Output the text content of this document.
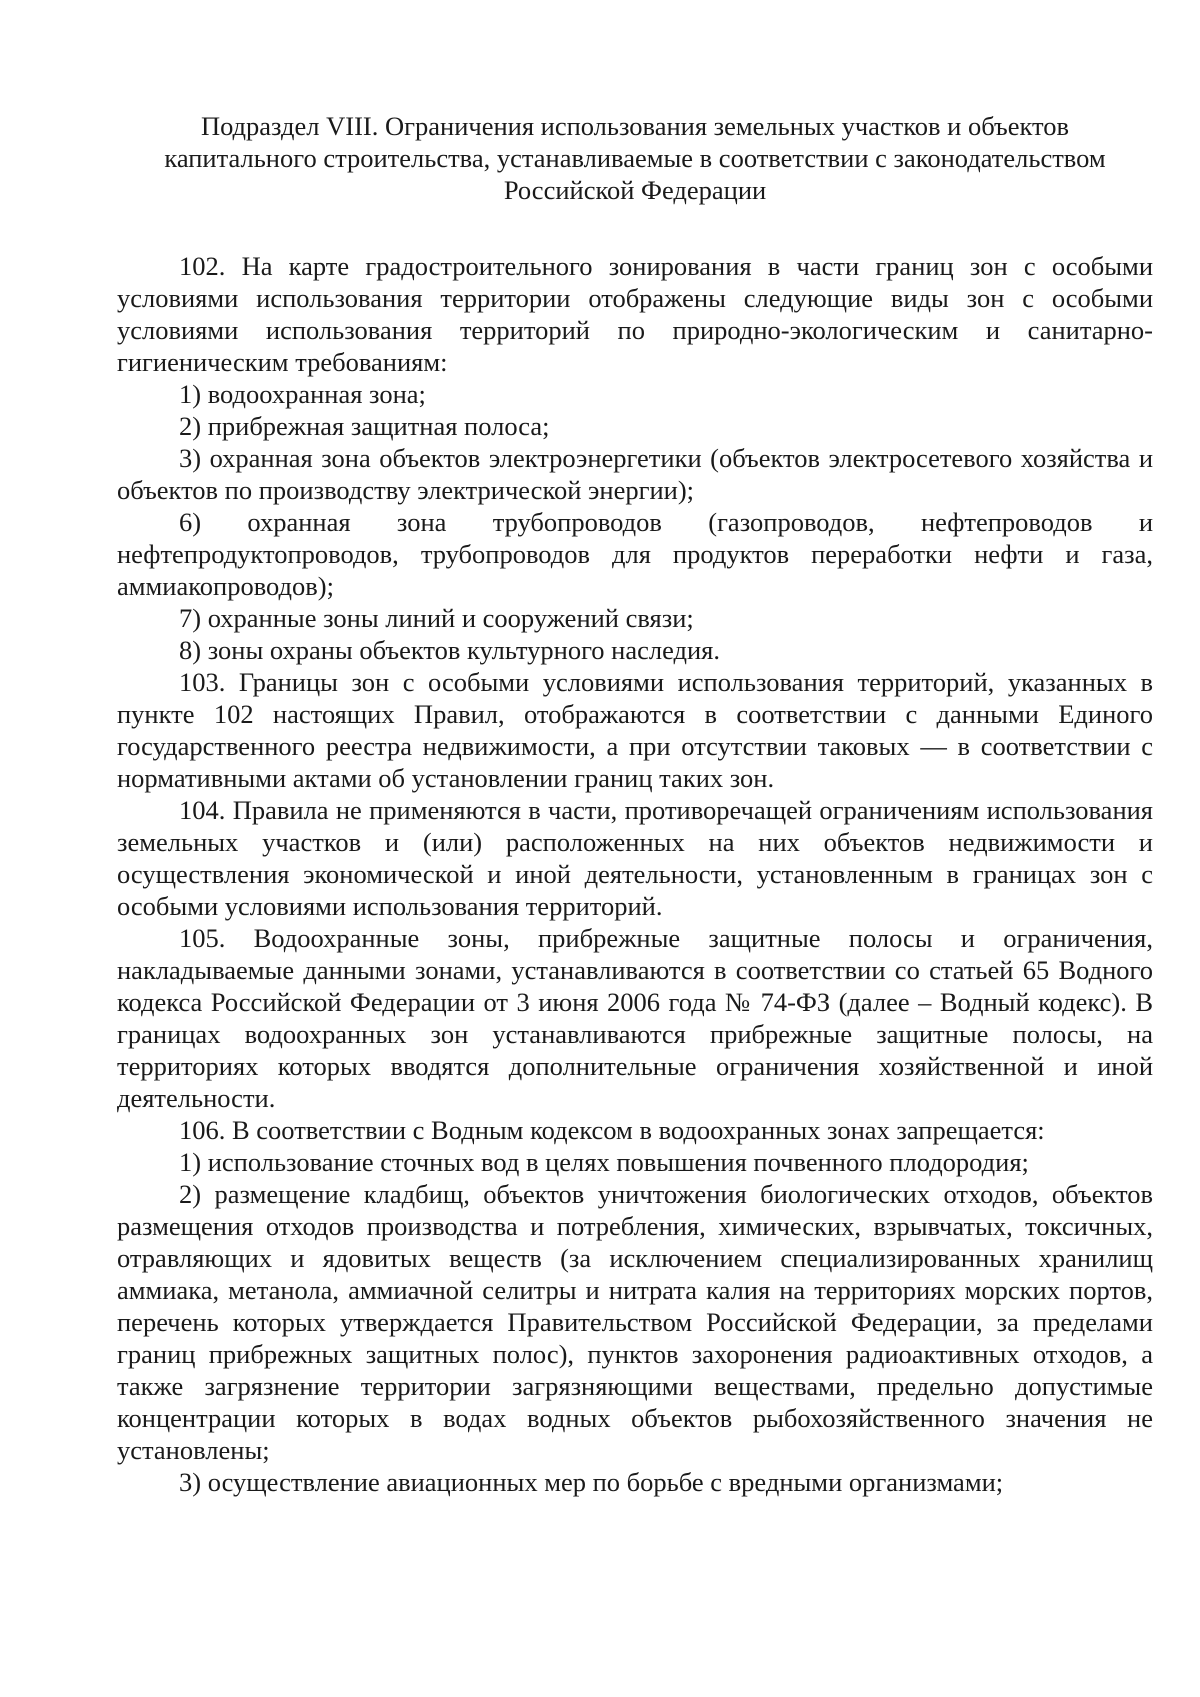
Подраздел VIII. Ограничения использования земельных участков и объектов
капитального строительства, устанавливаемые в соответствии с законодательством
Российской Федерации

102. На карте градостроительного зонирования в части границ зон с особыми условиями использования территории отображены следующие виды зон с особыми условиями использования территорий по природно-экологическим и санитарно-гигиеническим требованиям:

1) водоохранная зона;

2) прибрежная защитная полоса;

3) охранная зона объектов электроэнергетики (объектов электросетевого хозяйства и объектов по производству электрической энергии);

6) охранная зона трубопроводов (газопроводов, нефтепроводов и нефтепродуктопроводов, трубопроводов для продуктов переработки нефти и газа, аммиакопроводов);

7) охранные зоны линий и сооружений связи;

8) зоны охраны объектов культурного наследия.

103. Границы зон с особыми условиями использования территорий, указанных в пункте 102 настоящих Правил, отображаются в соответствии с данными Единого государственного реестра недвижимости, а при отсутствии таковых — в соответствии с нормативными актами об установлении границ таких зон.

104. Правила не применяются в части, противоречащей ограничениям использования земельных участков и (или) расположенных на них объектов недвижимости и осуществления экономической и иной деятельности, установленным в границах зон с особыми условиями использования территорий.

105. Водоохранные зоны, прибрежные защитные полосы и ограничения, накладываемые данными зонами, устанавливаются в соответствии со статьей 65 Водного кодекса Российской Федерации от 3 июня 2006 года № 74-ФЗ (далее – Водный кодекс). В границах водоохранных зон устанавливаются прибрежные защитные полосы, на территориях которых вводятся дополнительные ограничения хозяйственной и иной деятельности.

106. В соответствии с Водным кодексом в водоохранных зонах запрещается:

1) использование сточных вод в целях повышения почвенного плодородия;

2) размещение кладбищ, объектов уничтожения биологических отходов, объектов размещения отходов производства и потребления, химических, взрывчатых, токсичных, отравляющих и ядовитых веществ (за исключением специализированных хранилищ аммиака, метанола, аммиачной селитры и нитрата калия на территориях морских портов, перечень которых утверждается Правительством Российской Федерации, за пределами границ прибрежных защитных полос), пунктов захоронения радиоактивных отходов, а также загрязнение территории загрязняющими веществами, предельно допустимые концентрации которых в водах водных объектов рыбохозяйственного значения не установлены;

3) осуществление авиационных мер по борьбе с вредными организмами;
